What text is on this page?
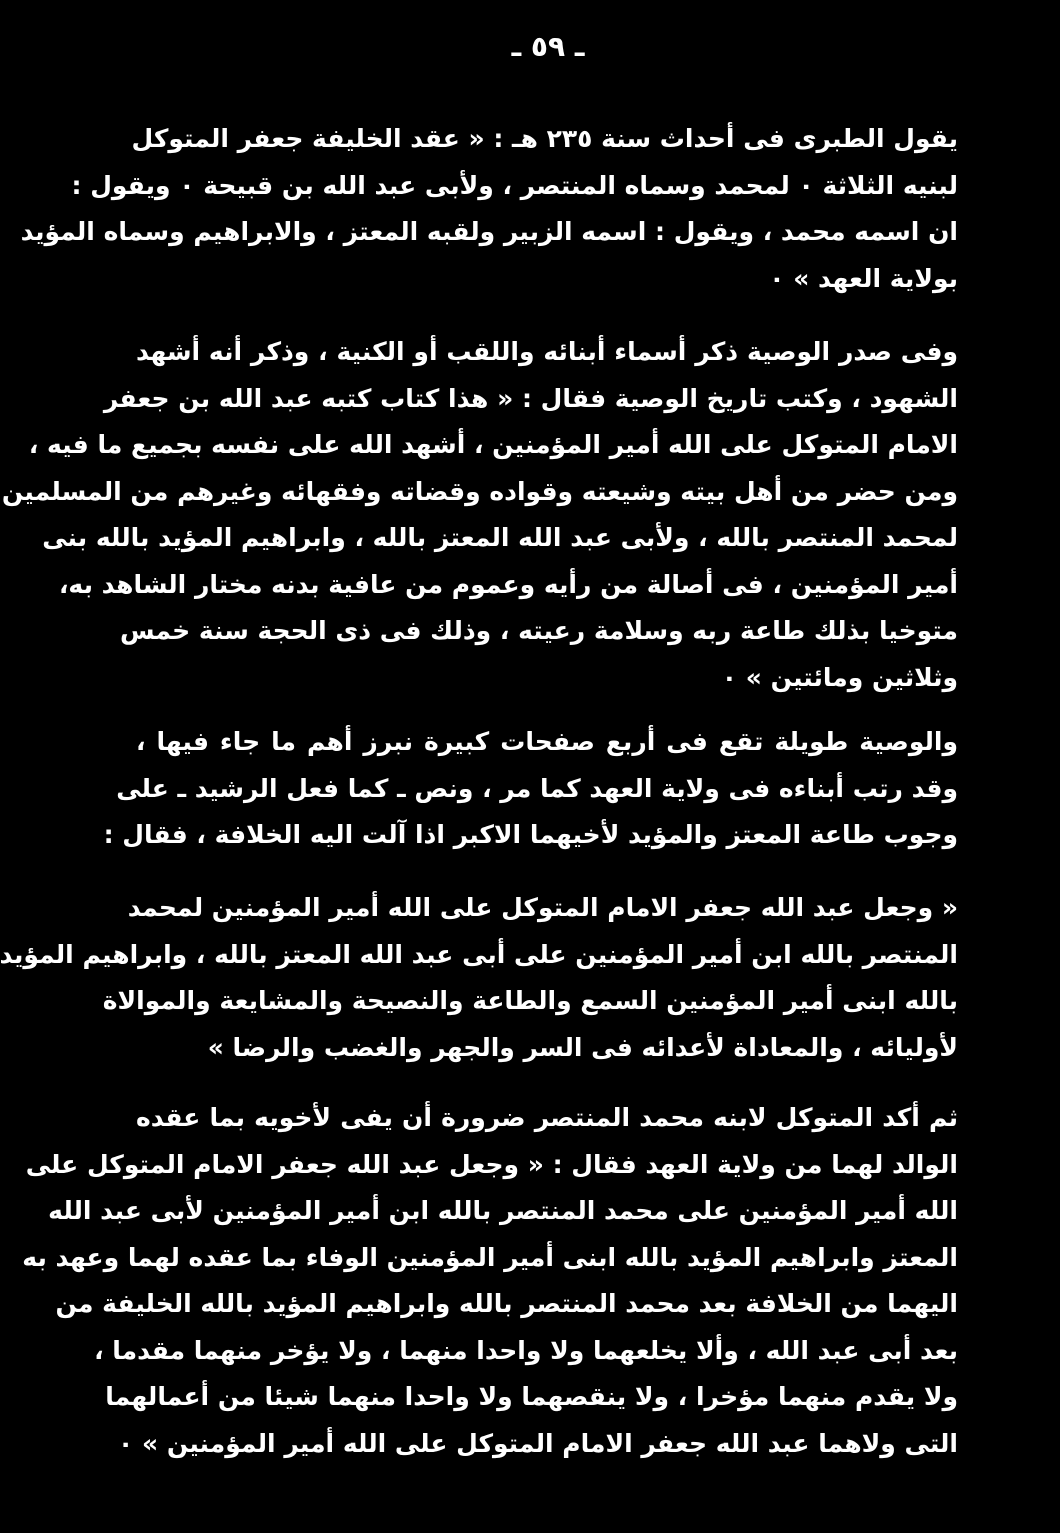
ـ ٥٩ ـ
يقول الطبرى فى أحداث سنة ٢٣٥ هـ : « عقد الخليفة جعفر المتوكل
لبنيه الثلاثة ٠ لمحمد وسماه المنتصر ، ولأبى عبد الله بن قبيحة ٠ ويقول :
ان اسمه محمد ، ويقول : اسمه الزبير ولقبه المعتز ، والابراهيم وسماه المؤيد
بولاية العهد » ٠
وفى صدر الوصية ذكر أسماء أبنائه واللقب أو الكنية ، وذكر أنه أشهد
الشهود ، وكتب تاريخ الوصية فقال : « هذا كتاب كتبه عبد الله بن جعفر
الامام المتوكل على الله أمير المؤمنين ، أشهد الله على نفسه بجميع ما فيه ،
ومن حضر من أهل بيته وشيعته وقواده وقضاته وفقهائه وغيرهم من المسلمين
لمحمد المنتصر بالله ، ولأبى عبد الله المعتز بالله ، وابراهيم المؤيد بالله بنى
أمير المؤمنين ، فى أصالة من رأيه وعموم من عافية بدنه مختار الشاهد به،
متوخيا بذلك طاعة ربه وسلامة رعيته ، وذلك فى ذى الحجة سنة خمس
وثلاثين ومائتين » ٠
والوصية طويلة تقع فى أربع صفحات كبيرة نبرز أهم ما جاء فيها ،
وقد رتب أبناءه فى ولاية العهد كما مر ، ونص ـ كما فعل الرشيد ـ على
وجوب طاعة المعتز والمؤيد لأخيهما الاكبر اذا آلت اليه الخلافة ، فقال :
« وجعل عبد الله جعفر الامام المتوكل على الله أمير المؤمنين لمحمد
المنتصر بالله ابن أمير المؤمنين على أبى عبد الله المعتز بالله ، وابراهيم المؤيد
بالله ابنى أمير المؤمنين السمع والطاعة والنصيحة والمشايعة والموالاة
لأوليائه ، والمعاداة لأعدائه فى السر والجهر والغضب والرضا »
ثم أكد المتوكل لابنه محمد المنتصر ضرورة أن يفى لأخويه بما عقده
الوالد لهما من ولاية العهد فقال : « وجعل عبد الله جعفر الامام المتوكل على
الله أمير المؤمنين على محمد المنتصر بالله ابن أمير المؤمنين لأبى عبد الله
المعتز وابراهيم المؤيد بالله ابنى أمير المؤمنين الوفاء بما عقده لهما وعهد به
اليهما من الخلافة بعد محمد المنتصر بالله وابراهيم المؤيد بالله الخليفة من
بعد أبى عبد الله ، وألا يخلعهما ولا واحدا منهما ، ولا يؤخر منهما مقدما ،
ولا يقدم منهما مؤخرا ، ولا ينقصهما ولا واحدا منهما شيئا من أعمالهما
التى ولاهما عبد الله جعفر الامام المتوكل على الله أمير المؤمنين » ٠
